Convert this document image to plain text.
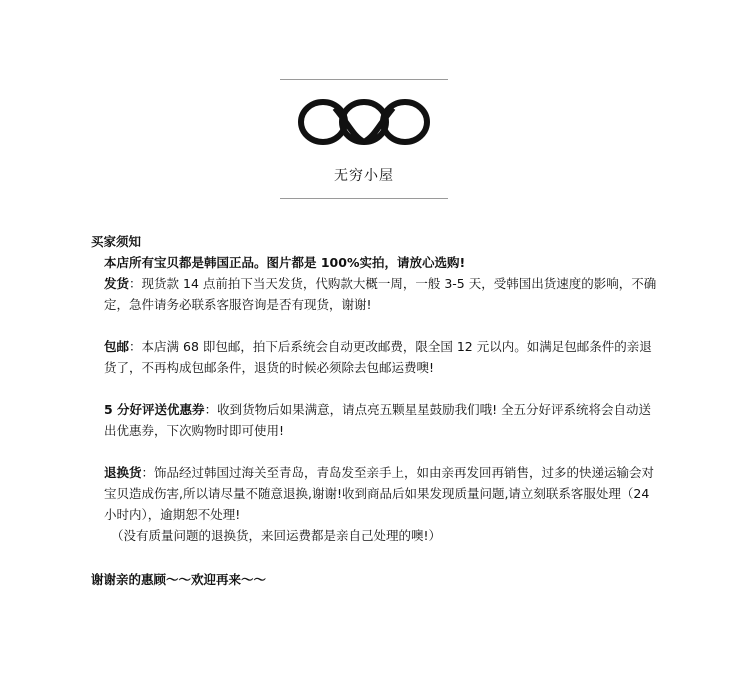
无穷小屋
买家须知
本店所有宝贝都是韩国正品。图片都是 100%实拍，请放心选购!
发货：现货款 14 点前拍下当天发货，代购款大概一周，一般 3-5 天，受韩国出货速度的影响，不确定，急件请务必联系客服咨询是否有现货，谢谢!
包邮：本店满 68 即包邮，拍下后系统会自动更改邮费，限全国 12 元以内。如满足包邮条件的亲退货了，不再构成包邮条件，退货的时候必须除去包邮运费噢!
5 分好评送优惠券：收到货物后如果满意，请点亮五颗星星鼓励我们哦! 全五分好评系统将会自动送出优惠券，下次购物时即可使用!
退换货：饰品经过韩国过海关至青岛，青岛发至亲手上，如由亲再发回再销售，过多的快递运输会对宝贝造成伤害,所以请尽量不随意退换,谢谢!收到商品后如果发现质量问题,请立刻联系客服处理（24 小时内），逾期恕不处理!
（没有质量问题的退换货，来回运费都是亲自己处理的噢!）
谢谢亲的惠顾～～欢迎再来～～
